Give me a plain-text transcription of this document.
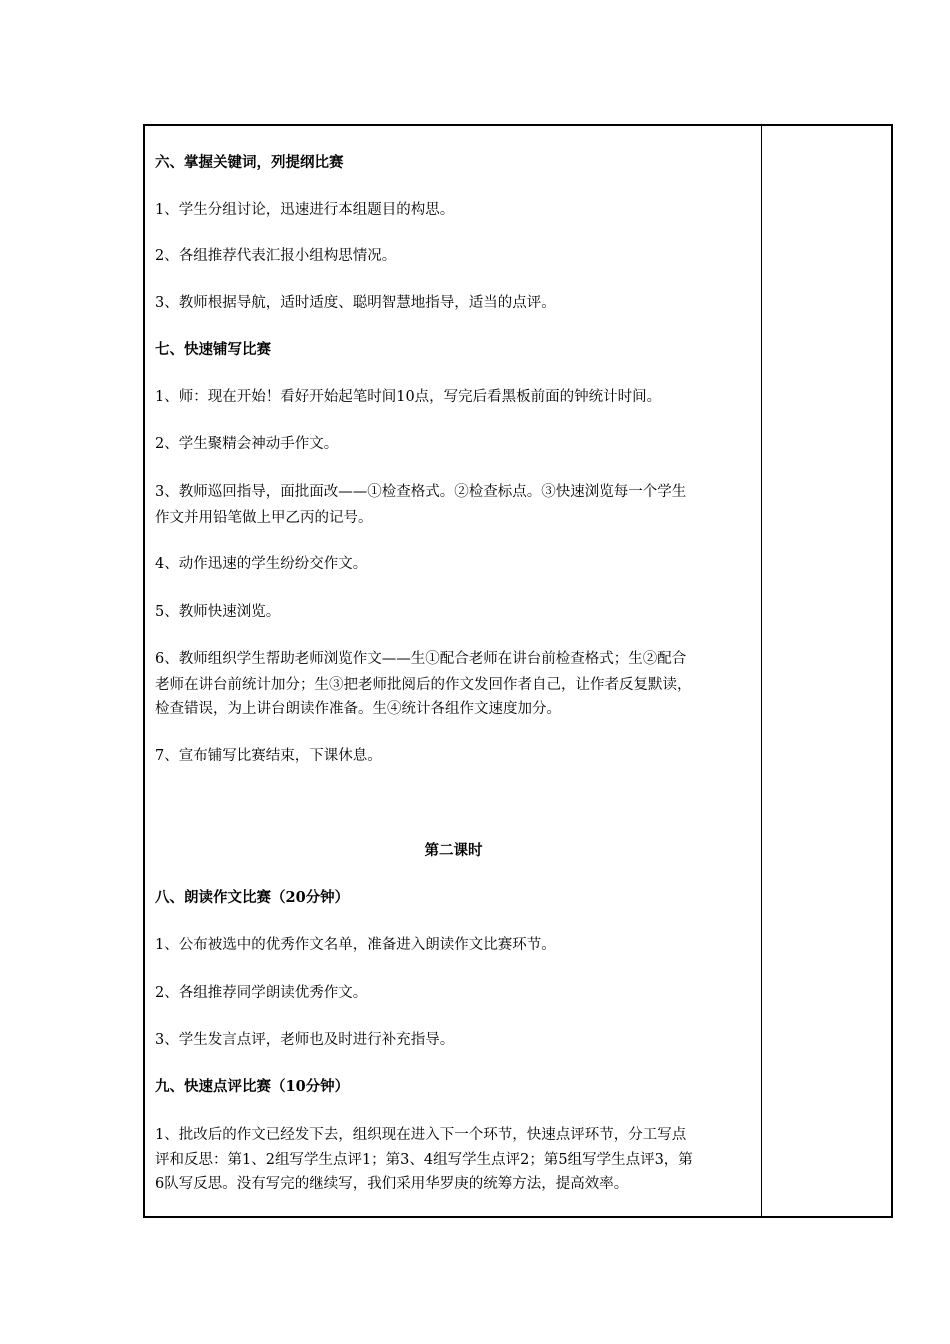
六、掌握关键词，列提纲比赛
1、学生分组讨论，迅速进行本组题目的构思。
2、各组推荐代表汇报小组构思情况。
3、教师根据导航，适时适度、聪明智慧地指导，适当的点评。
七、快速铺写比赛
1、师：现在开始！看好开始起笔时间10点，写完后看黑板前面的钟统计时间。
2、学生聚精会神动手作文。
3、教师巡回指导，面批面改——①检查格式。②检查标点。③快速浏览每一个学生
作文并用铅笔做上甲乙丙的记号。
4、动作迅速的学生纷纷交作文。
5、教师快速浏览。
6、教师组织学生帮助老师浏览作文——生①配合老师在讲台前检查格式；生②配合
老师在讲台前统计加分；生③把老师批阅后的作文发回作者自己，让作者反复默读，
检查错误，为上讲台朗读作准备。生④统计各组作文速度加分。
7、宣布铺写比赛结束，下课休息。
第二课时
八、朗读作文比赛（20分钟）
1、公布被选中的优秀作文名单，准备进入朗读作文比赛环节。
2、各组推荐同学朗读优秀作文。
3、学生发言点评，老师也及时进行补充指导。
九、快速点评比赛（10分钟）
1、批改后的作文已经发下去，组织现在进入下一个环节，快速点评环节，分工写点
评和反思：第1、2组写学生点评1；第3、4组写学生点评2；第5组写学生点评3，第
6队写反思。没有写完的继续写，我们采用华罗庚的统筹方法，提高效率。
